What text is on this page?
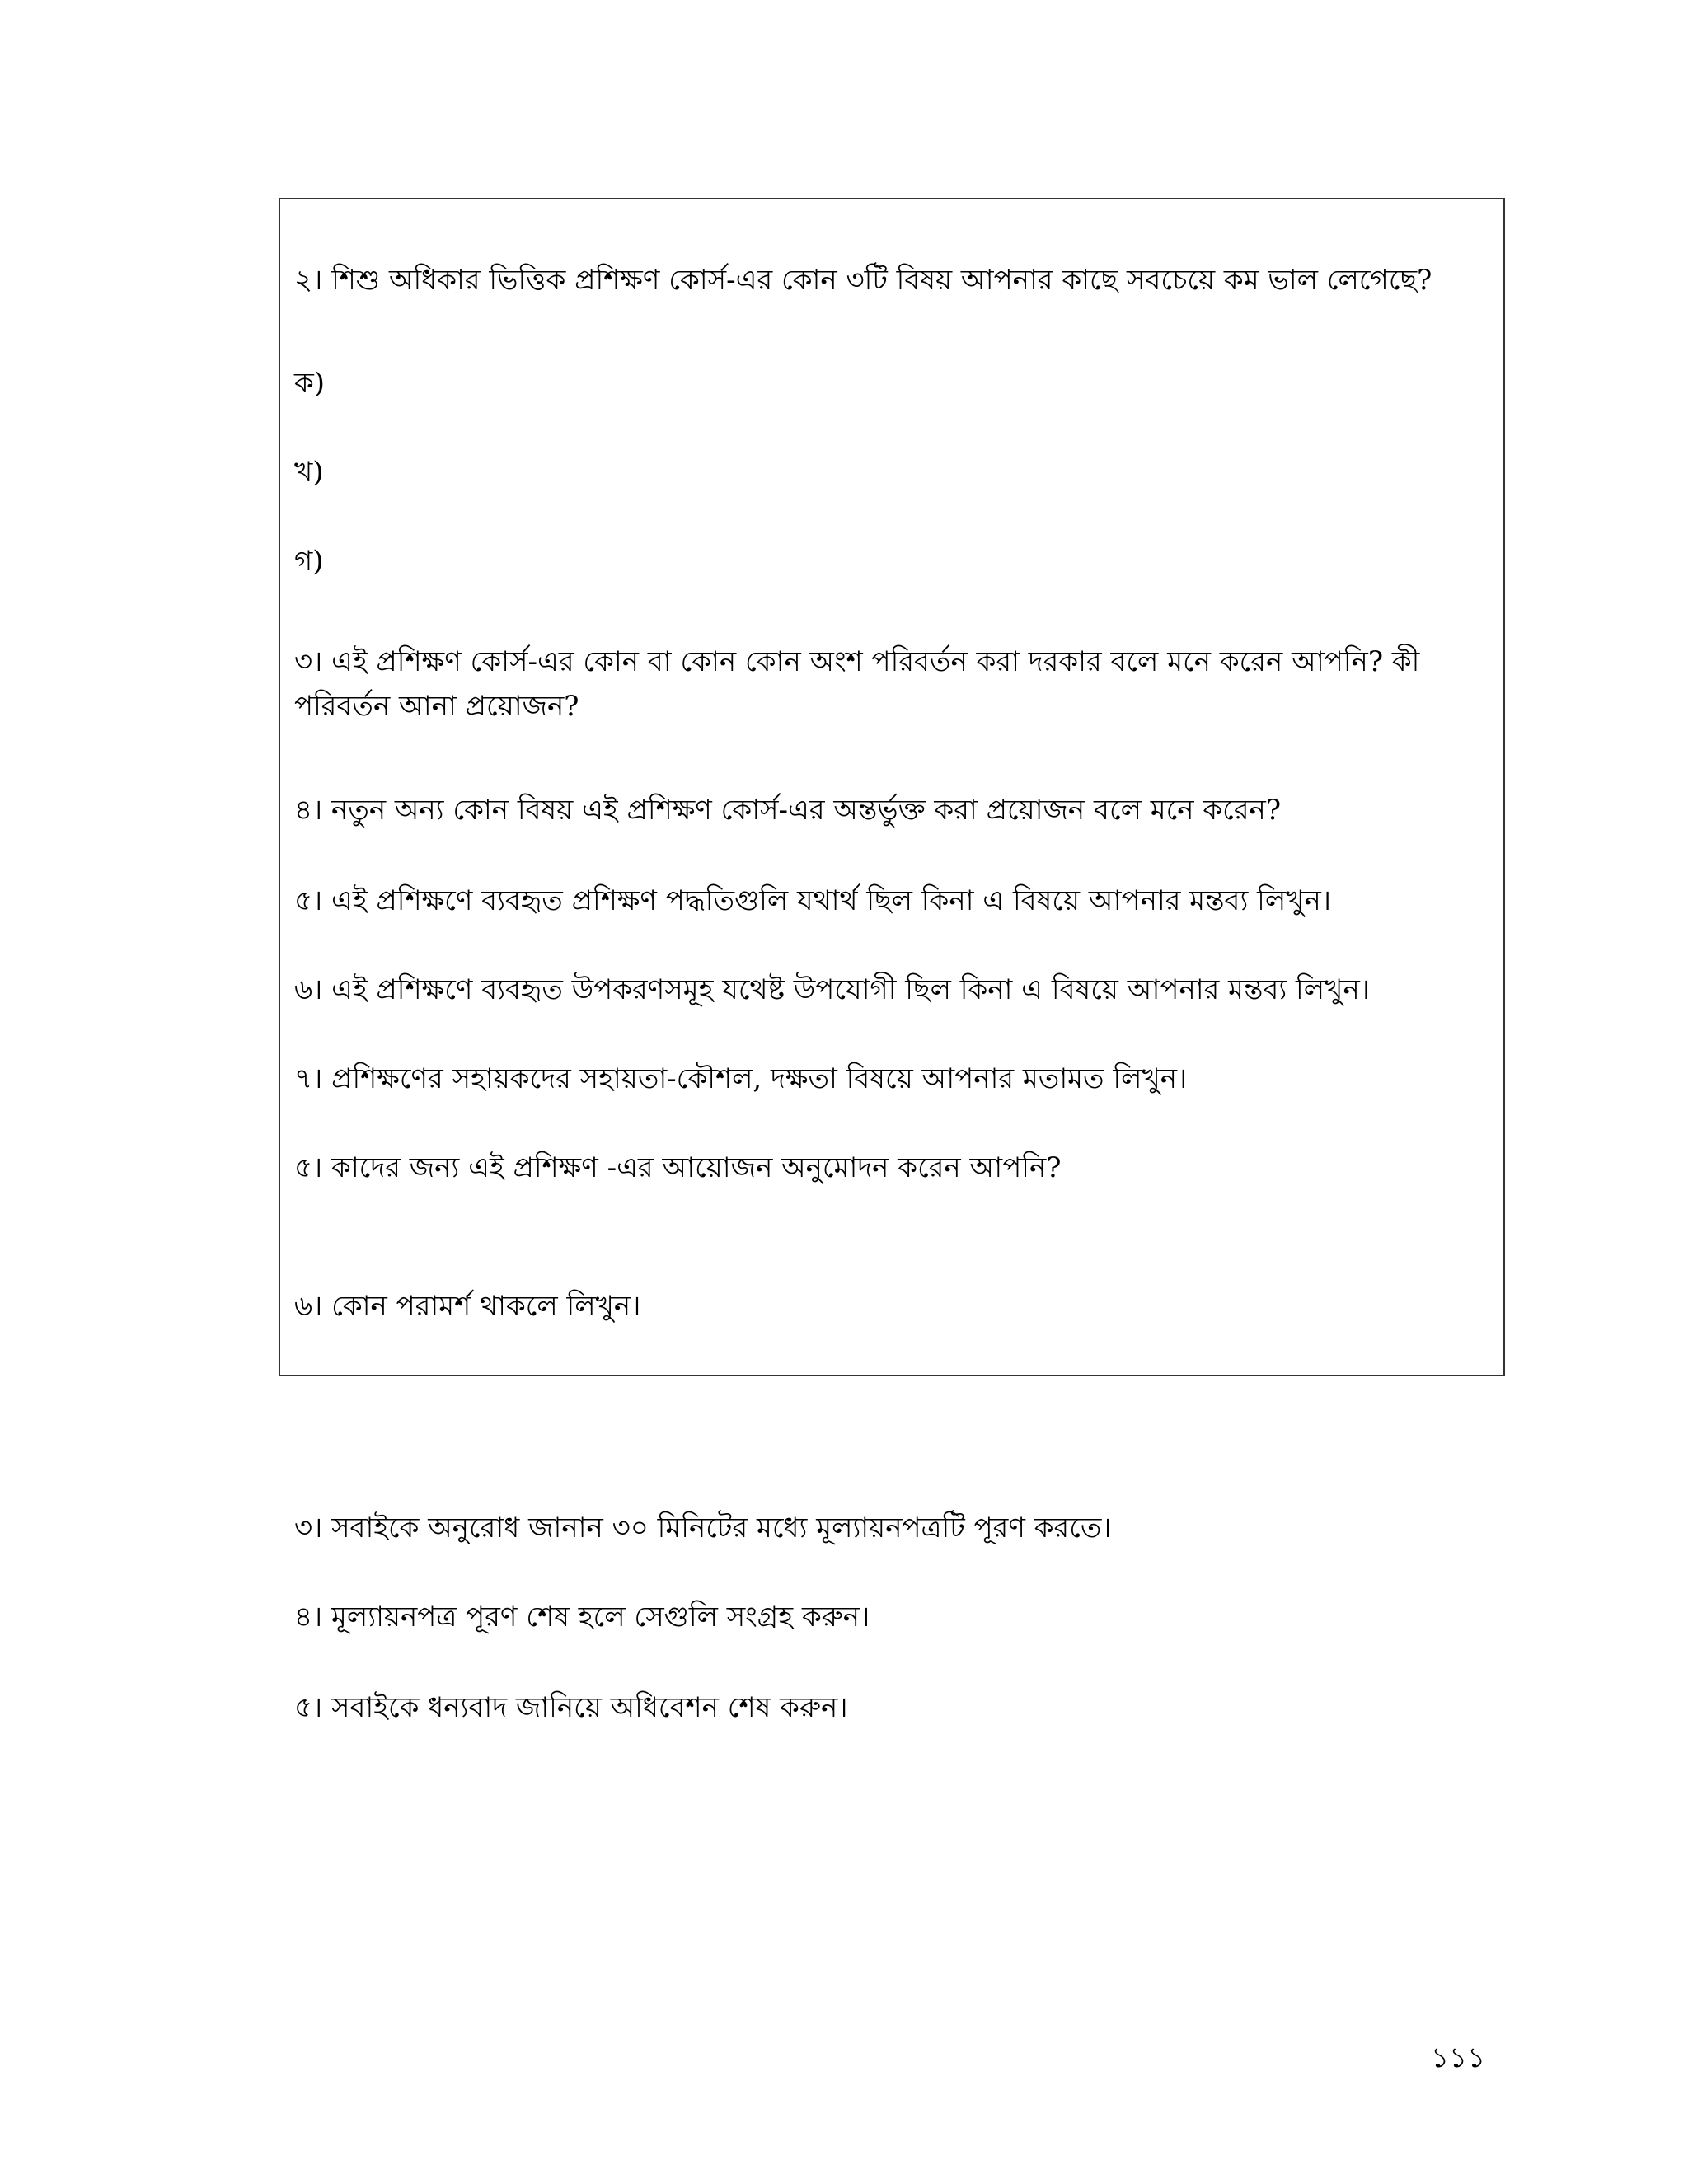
২। শিশু অধিকার ভিত্তিক প্রশিক্ষণ কোর্স-এর কোন ৩টি বিষয় আপনার কাছে সবচেয়ে কম ভাল লেগেছে?
ক)
খ)
গ)
৩। এই প্রশিক্ষণ কোর্স-এর কোন বা কোন কোন অংশ পরিবর্তন করা দরকার বলে মনে করেন আপনি? কী পরিবর্তন আনা প্রয়োজন?
৪। নতুন অন্য কোন বিষয় এই প্রশিক্ষণ কোর্স-এর অন্তর্ভুক্ত করা প্রয়োজন বলে মনে করেন?
৫। এই প্রশিক্ষণে ব্যবহৃত প্রশিক্ষণ পদ্ধতিগুলি যথার্থ ছিল কিনা এ বিষয়ে আপনার মন্তব্য লিখুন।
৬। এই প্রশিক্ষণে ব্যবহৃত উপকরণসমূহ যথেষ্ট উপযোগী ছিল কিনা এ বিষয়ে আপনার মন্তব্য লিখুন।
৭। প্রশিক্ষণের সহায়কদের সহায়তা-কৌশল, দক্ষতা বিষয়ে আপনার মতামত লিখুন।
৫। কাদের জন্য এই প্রশিক্ষণ -এর আয়োজন অনুমোদন করেন আপনি?
৬। কোন পরামর্শ থাকলে লিখুন।
৩। সবাইকে অনুরোধ জানান ৩০ মিনিটের মধ্যে মূল্যায়নপত্রটি পূরণ করতে।
৪। মূল্যায়নপত্র পূরণ শেষ হলে সেগুলি সংগ্রহ করুন।
৫। সবাইকে ধন্যবাদ জানিয়ে অধিবেশন শেষ করুন।
১১১
